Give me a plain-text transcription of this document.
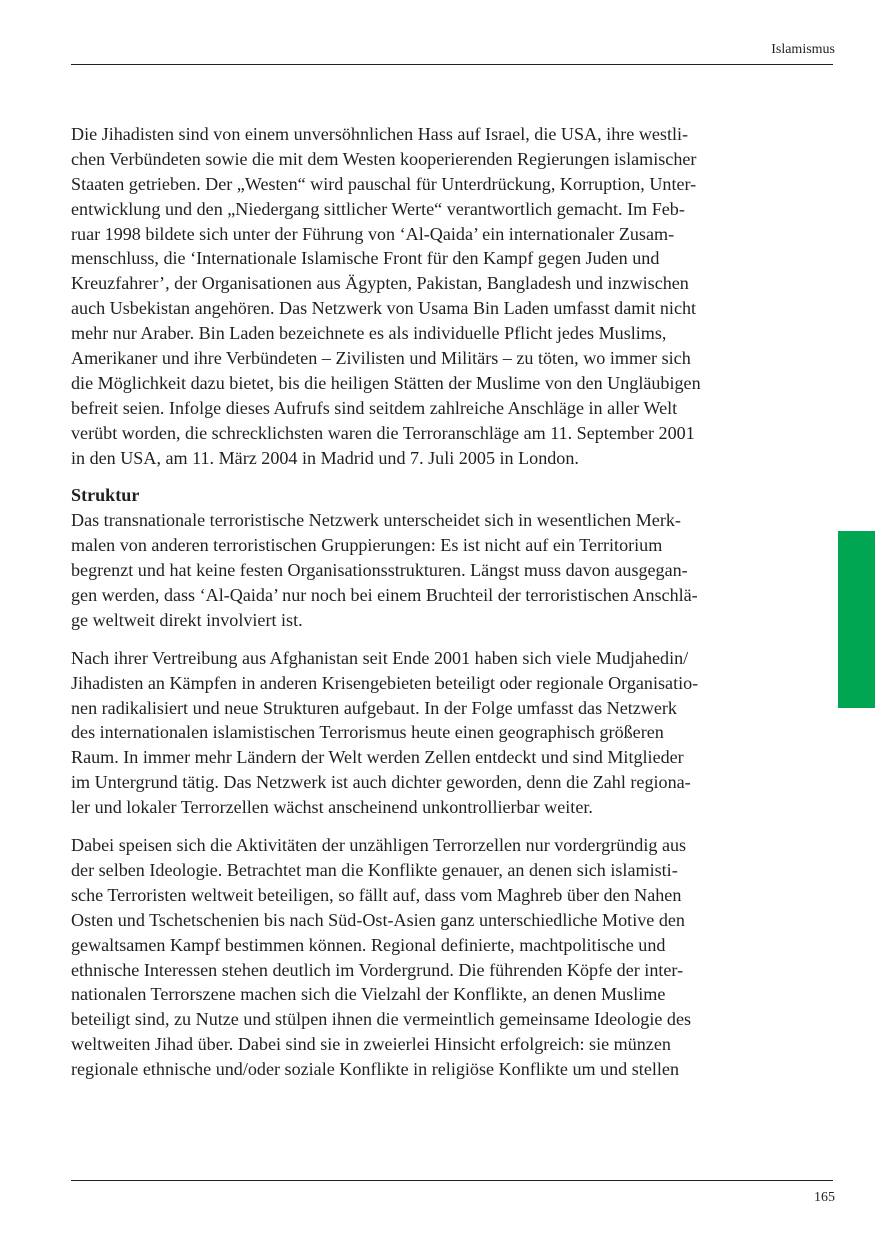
Islamismus
Die Jihadisten sind von einem unversöhnlichen Hass auf Israel, die USA, ihre westli-
chen Verbündeten sowie die mit dem Westen kooperierenden Regierungen islamischer
Staaten getrieben. Der „Westen“ wird pauschal für Unterdrückung, Korruption, Unter-
entwicklung und den „Niedergang sittlicher Werte“ verantwortlich gemacht. Im Feb-
ruar 1998 bildete sich unter der Führung von ‘Al-Qaida’ ein internationaler Zusam-
menschluss, die ‘Internationale Islamische Front für den Kampf gegen Juden und
Kreuzfahrer’, der Organisationen aus Ägypten, Pakistan, Bangladesh und inzwischen
auch Usbekistan angehören. Das Netzwerk von Usama Bin Laden umfasst damit nicht
mehr nur Araber. Bin Laden bezeichnete es als individuelle Pflicht jedes Muslims,
Amerikaner und ihre Verbündeten – Zivilisten und Militärs – zu töten, wo immer sich
die Möglichkeit dazu bietet, bis die heiligen Stätten der Muslime von den Ungläubigen
befreit seien. Infolge dieses Aufrufs sind seitdem zahlreiche Anschläge in aller Welt
verübt worden, die schrecklichsten waren die Terroranschläge am 11. September 2001
in den USA, am 11. März 2004 in Madrid und 7. Juli 2005 in London.
Struktur
Das transnationale terroristische Netzwerk unterscheidet sich in wesentlichen Merk-
malen von anderen terroristischen Gruppierungen: Es ist nicht auf ein Territorium
begrenzt und hat keine festen Organisationsstrukturen. Längst muss davon ausgegan-
gen werden, dass ‘Al-Qaida’ nur noch bei einem Bruchteil der terroristischen Anschlä-
ge weltweit direkt involviert ist.
Nach ihrer Vertreibung aus Afghanistan seit Ende 2001 haben sich viele Mudjahedin/
Jihadisten an Kämpfen in anderen Krisengebieten beteiligt oder regionale Organisatio-
nen radikalisiert und neue Strukturen aufgebaut. In der Folge umfasst das Netzwerk
des internationalen islamistischen Terrorismus heute einen geographisch größeren
Raum. In immer mehr Ländern der Welt werden Zellen entdeckt und sind Mitglieder
im Untergrund tätig. Das Netzwerk ist auch dichter geworden, denn die Zahl regiona-
ler und lokaler Terrorzellen wächst anscheinend unkontrollierbar weiter.
Dabei speisen sich die Aktivitäten der unzähligen Terrorzellen nur vordergründig aus
der selben Ideologie. Betrachtet man die Konflikte genauer, an denen sich islamisti-
sche Terroristen weltweit beteiligen, so fällt auf, dass vom Maghreb über den Nahen
Osten und Tschetschenien bis nach Süd-Ost-Asien ganz unterschiedliche Motive den
gewaltsamen Kampf bestimmen können. Regional definierte, machtpolitische und
ethnische Interessen stehen deutlich im Vordergrund. Die führenden Köpfe der inter-
nationalen Terrorszene machen sich die Vielzahl der Konflikte, an denen Muslime
beteiligt sind, zu Nutze und stülpen ihnen die vermeintlich gemeinsame Ideologie des
weltweiten Jihad über. Dabei sind sie in zweierlei Hinsicht erfolgreich: sie münzen
regionale ethnische und/oder soziale Konflikte in religiöse Konflikte um und stellen
165
